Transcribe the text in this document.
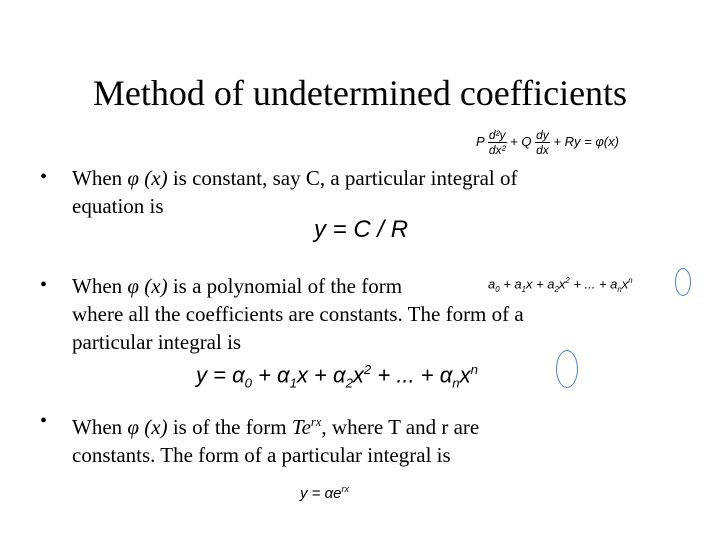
Method of undetermined coefficients
P $\frac{\text{d²y}}{\text{dx²}} + Q \frac{dy}{dx} + Ry = \varphi(x)$
• When φ (x) is constant, say C, a particular integral of
equation is
y = C / R
• When φ (x) is a polynomial of the form
where all the coefficients are constants. The form of a
particular integral is
$a_0 + a_1x + a_2x^2$ + ... + $a_nx^n$
$y = \alpha_0 + \alpha_1x + \alpha_2x^2$ + ... + $\alpha_nx^n$
• When φ (x) is of the form $Te^{rx}$, where T and r are
constants. The form of a particular integral is
$y = \alpha e^{rx}$
